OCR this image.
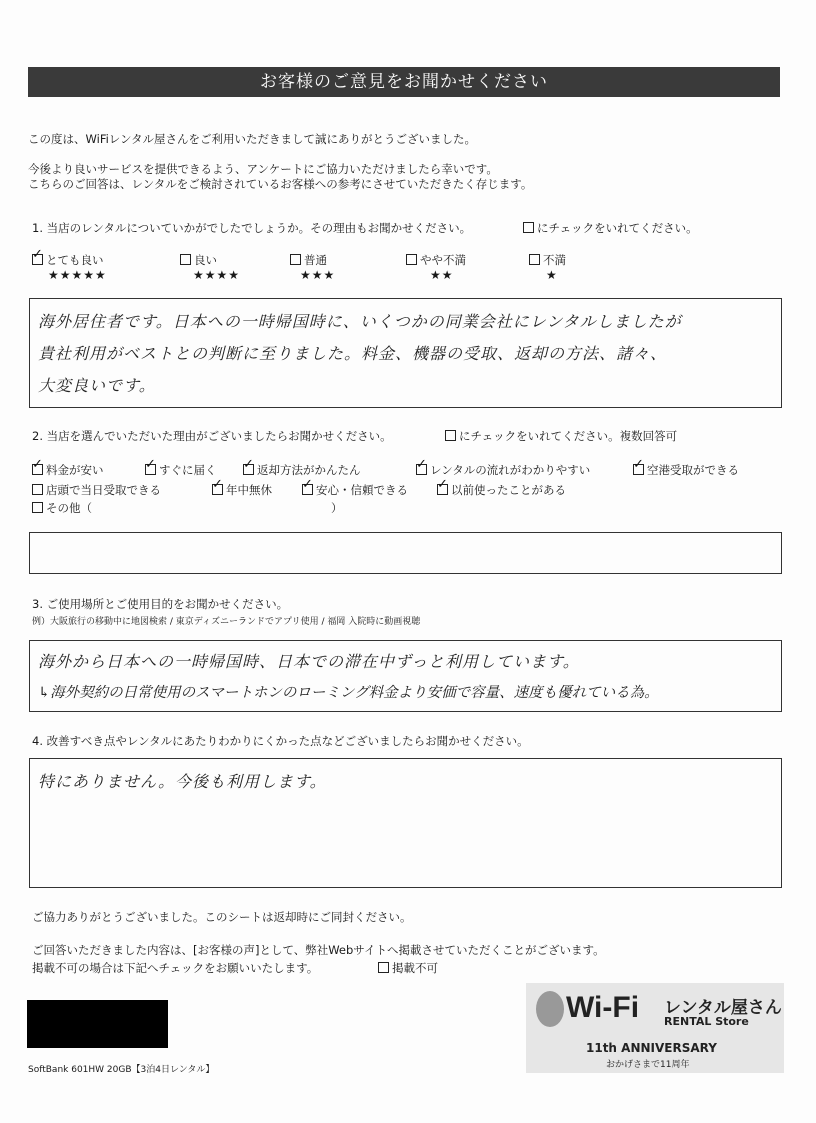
お客様のご意見をお聞かせください
この度は、WiFiレンタル屋さんをご利用いただきまして誠にありがとうございました。
今後より良いサービスを提供できるよう、アンケートにご協力いただけましたら幸いです。
こちらのご回答は、レンタルをご検討されているお客様への参考にさせていただきたく存じます。
1. 当店のレンタルについていかがでしたでしょうか。その理由もお聞かせください。	にチェックをいれてください。
✓とても良い
★★★★★
良い
★★★★
普通
★★★
やや不満
★★
不満
★
海外居住者です。日本への一時帰国時に、いくつかの同業会社にレンタルしましたが
貴社利用がベストとの判断に至りました。料金、機器の受取、返却の方法、諸々、
大変良いです。
2. 当店を選んでいただいた理由がございましたらお聞かせください。	にチェックをいれてください。複数回答可
✓料金が安い ✓	すぐに届く ✓	返却方法がかんたん ✓	レンタルの流れがわかりやすい ✓	空港受取ができる
店頭で当日受取できる ✓	年中無休 ✓	安心・信頼できる ✓	以前使ったことがある
その他（	）
3. ご使用場所とご使用目的をお聞かせください。
例）大阪旅行の移動中に地図検索 / 東京ディズニーランドでアプリ使用 / 福岡 入院時に動画視聴
海外から日本への一時帰国時、日本での滞在中ずっと利用しています。
↳海外契約の日常使用のスマートホンのローミング料金より安価で容量、速度も優れている為。
4. 改善すべき点やレンタルにあたりわかりにくかった点などございましたらお聞かせください。
特にありません。今後も利用します。
ご協力ありがとうございました。このシートは返却時にご同封ください。
ご回答いただきました内容は、[お客様の声]として、弊社Webサイトへ掲載させていただくことがございます。
掲載不可の場合は下記へチェックをお願いいたします。	掲載不可
SoftBank 601HW 20GB【3泊4日レンタル】
Wi-Fi レンタル屋さん
RENTAL Store
11th ANNIVERSARY
おかげさまで11周年
